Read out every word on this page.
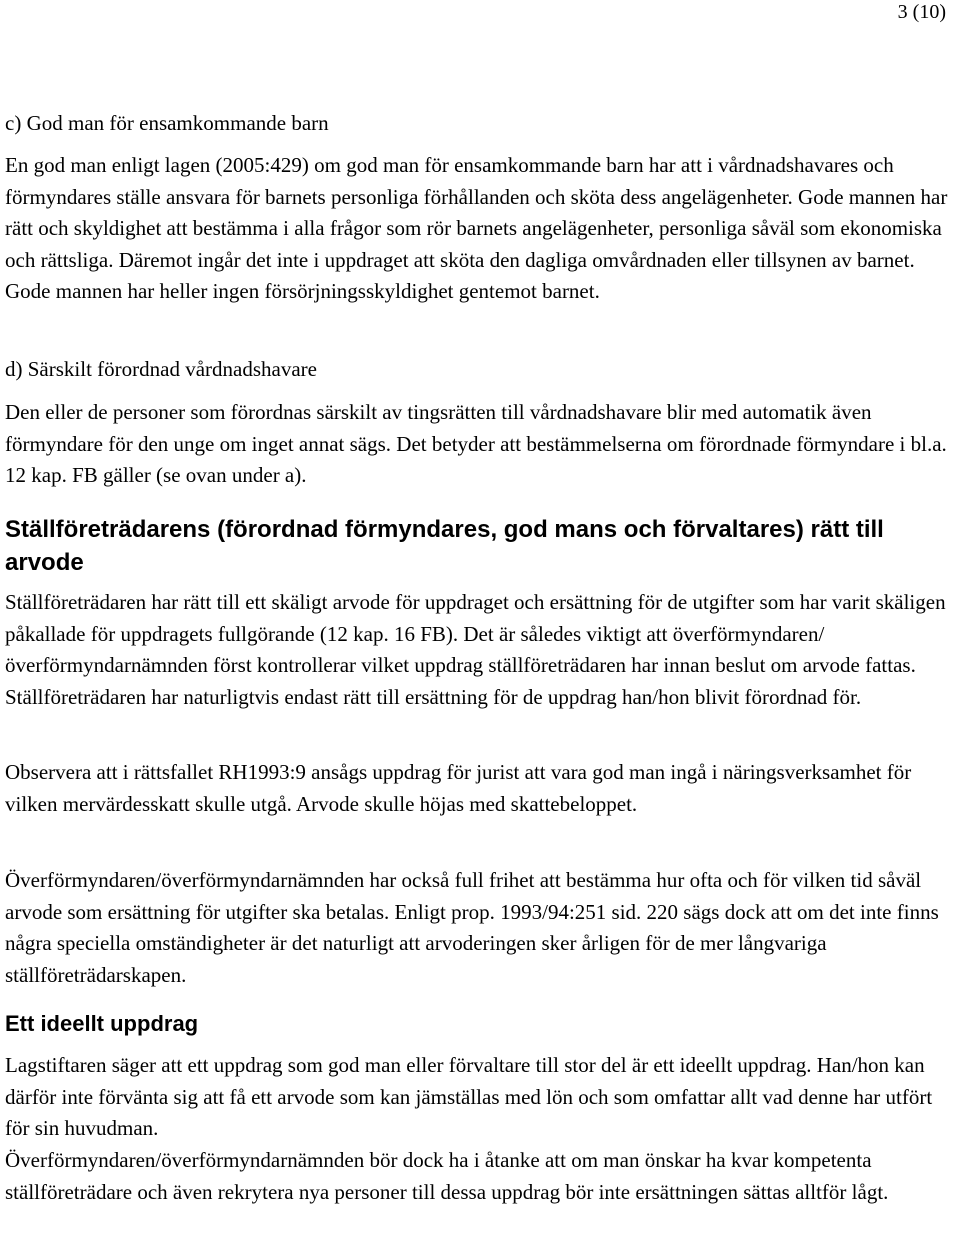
3 (10)
c) God man för ensamkommande barn

En god man enligt lagen (2005:429) om god man för ensamkommande barn har att i vårdnadshavares och förmyndares ställe ansvara för barnets personliga förhållanden och sköta dess angelägenheter. Gode mannen har rätt och skyldighet att bestämma i alla frågor som rör barnets angelägenheter, personliga såväl som ekonomiska och rättsliga. Däremot ingår det inte i uppdraget att sköta den dagliga omvårdnaden eller tillsynen av barnet. Gode mannen har heller ingen försörjningsskyldighet gentemot barnet.

d) Särskilt förordnad vårdnadshavare

Den eller de personer som förordnas särskilt av tingsrätten till vårdnadshavare blir med automatik även förmyndare för den unge om inget annat sägs. Det betyder att bestämmelserna om förordnade förmyndare i bl.a. 12 kap. FB gäller (se ovan under a).

Ställföreträdarens (förordnad förmyndares, god mans och förvaltares) rätt till arvode

Ställföreträdaren har rätt till ett skäligt arvode för uppdraget och ersättning för de utgifter som har varit skäligen påkallade för uppdragets fullgörande (12 kap. 16 FB). Det är således viktigt att överförmyndaren/överförmyndarnämnden först kontrollerar vilket uppdrag ställföreträdaren har innan beslut om arvode fattas. Ställföreträdaren har naturligtvis endast rätt till ersättning för de uppdrag han/hon blivit förordnad för.

Observera att i rättsfallet RH1993:9 ansågs uppdrag för jurist att vara god man ingå i näringsverksamhet för vilken mervärdesskatt skulle utgå. Arvode skulle höjas med skattebeloppet.

Överförmyndaren/överförmyndarnämnden har också full frihet att bestämma hur ofta och för vilken tid såväl arvode som ersättning för utgifter ska betalas. Enligt prop. 1993/94:251 sid. 220 sägs dock att om det inte finns några speciella omständigheter är det naturligt att arvoderingen sker årligen för de mer långvariga ställföreträdarskapen.

Ett ideellt uppdrag

Lagstiftaren säger att ett uppdrag som god man eller förvaltare till stor del är ett ideellt uppdrag. Han/hon kan därför inte förvänta sig att få ett arvode som kan jämställas med lön och som omfattar allt vad denne har utfört för sin huvudman.

Överförmyndaren/överförmyndarnämnden bör dock ha i åtanke att om man önskar ha kvar kompetenta ställföreträdare och även rekrytera nya personer till dessa uppdrag bör inte ersättningen sättas alltför lågt.
